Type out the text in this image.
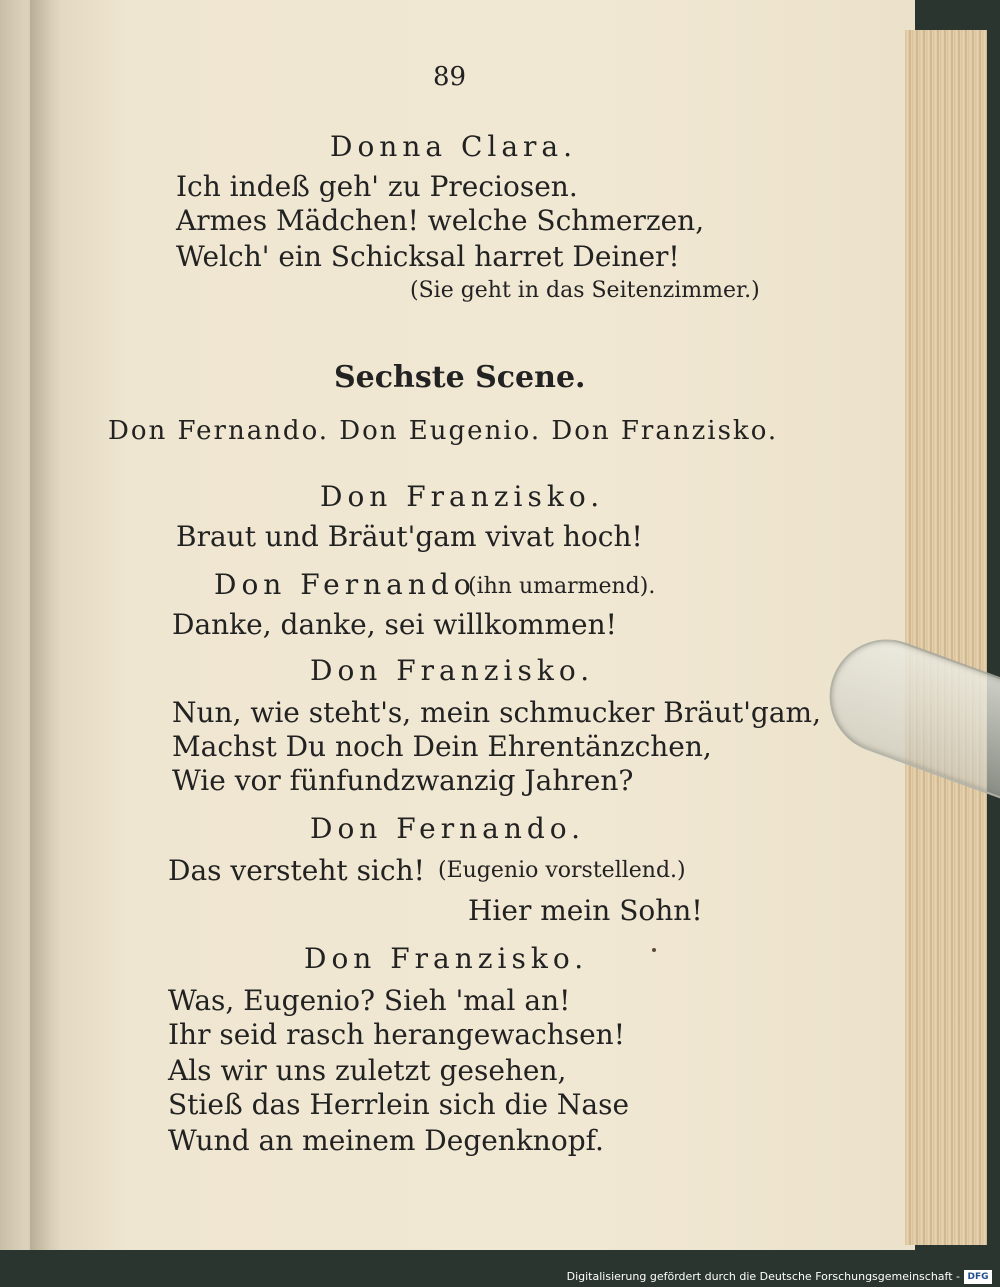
89
Donna Clara.
Ich indeß geh' zu Preciosen.
Armes Mädchen! welche Schmerzen,
Welch' ein Schicksal harret Deiner!
(Sie geht in das Seitenzimmer.)
Sechste Scene.
Don Fernando. Don Eugenio. Don Franzisko.
Don Franzisko.
Braut und Bräut'gam vivat hoch!
Don Fernando
(ihn umarmend).
Danke, danke, sei willkommen!
Don Franzisko.
Nun, wie steht's, mein schmucker Bräut'gam,
Machst Du noch Dein Ehrentänzchen,
Wie vor fünfundzwanzig Jahren?
Don Fernando.
Das versteht sich! (Eugenio vorstellend.)
Hier mein Sohn!
Don Franzisko.
Was, Eugenio? Sieh 'mal an!
Ihr seid rasch herangewachsen!
Als wir uns zuletzt gesehen,
Stieß das Herrlein sich die Nase
Wund an meinem Degenknopf.
Digitalisierung gefördert durch die Deutsche Forschungsgemeinschaft - DFG
